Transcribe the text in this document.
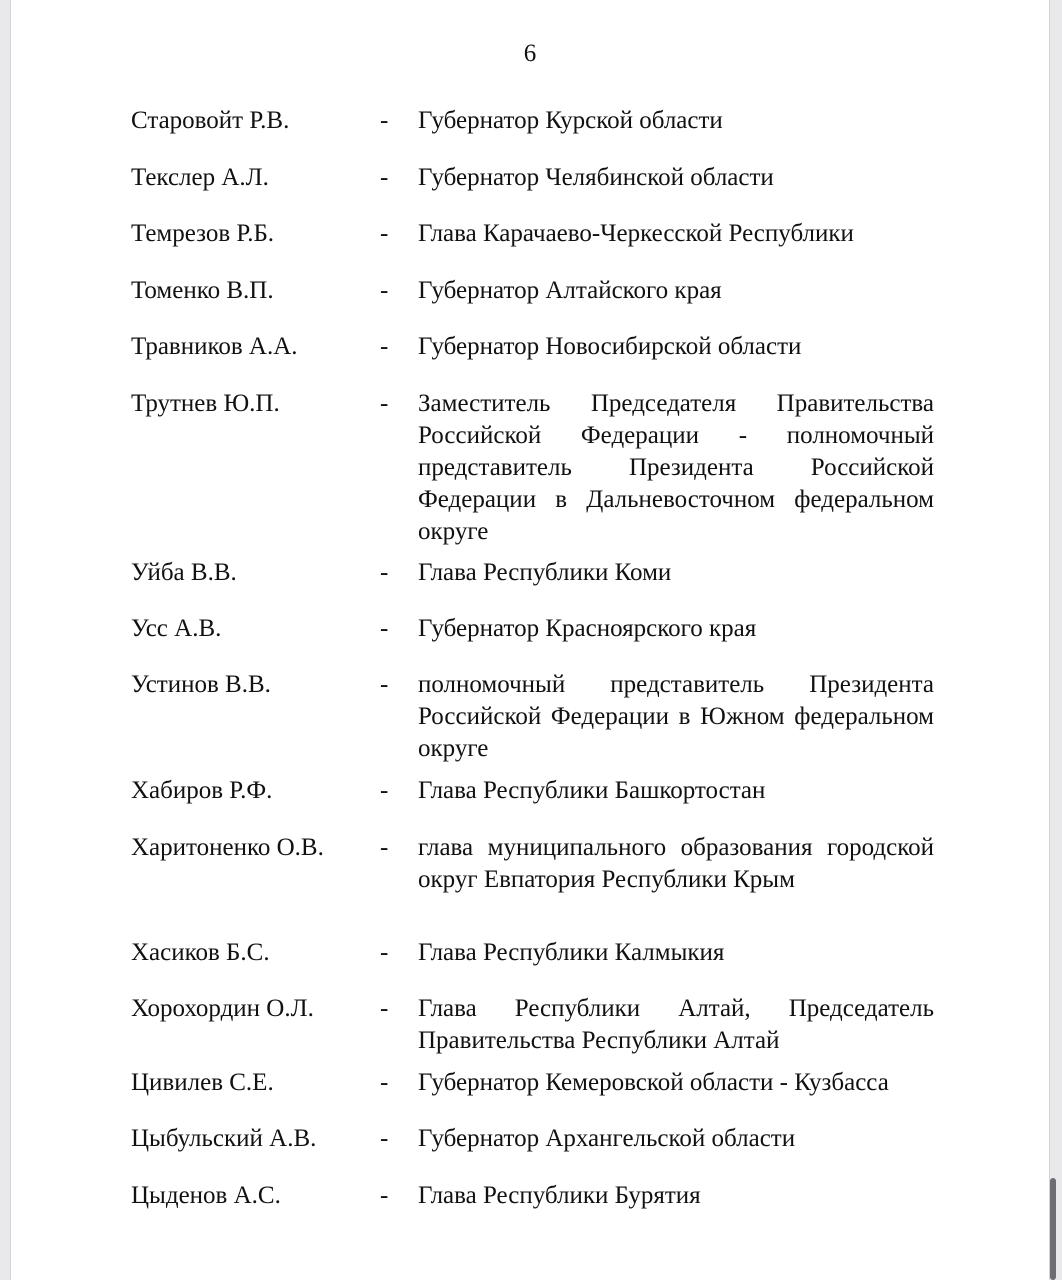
6
Старовойт Р.В.	- Губернатор Курской области
Текслер А.Л.	- Губернатор Челябинской области
Темрезов Р.Б.	- Глава Карачаево-Черкесской Республики
Томенко В.П.	- Губернатор Алтайского края
Травников А.А.	- Губернатор Новосибирской области
Трутнев Ю.П.	- Заместитель Председателя Правительства Российской Федерации - полномочный представитель Президента Российской Федерации в Дальневосточном федеральном округе
Уйба В.В.	- Глава Республики Коми
Усс А.В.	- Губернатор Красноярского края
Устинов В.В.	- полномочный представитель Президента Российской Федерации в Южном федеральном округе
Хабиров Р.Ф.	- Глава Республики Башкортостан
Харитоненко О.В. - глава муниципального образования городской округ Евпатория Республики Крым
Хасиков Б.С.	- Глава Республики Калмыкия
Хорохордин О.Л.	- Глава Республики Алтай, Председатель Правительства Республики Алтай
Цивилев С.Е.	- Губернатор Кемеровской области - Кузбасса
Цыбульский А.В.	- Губернатор Архангельской области
Цыденов А.С.	- Глава Республики Бурятия
